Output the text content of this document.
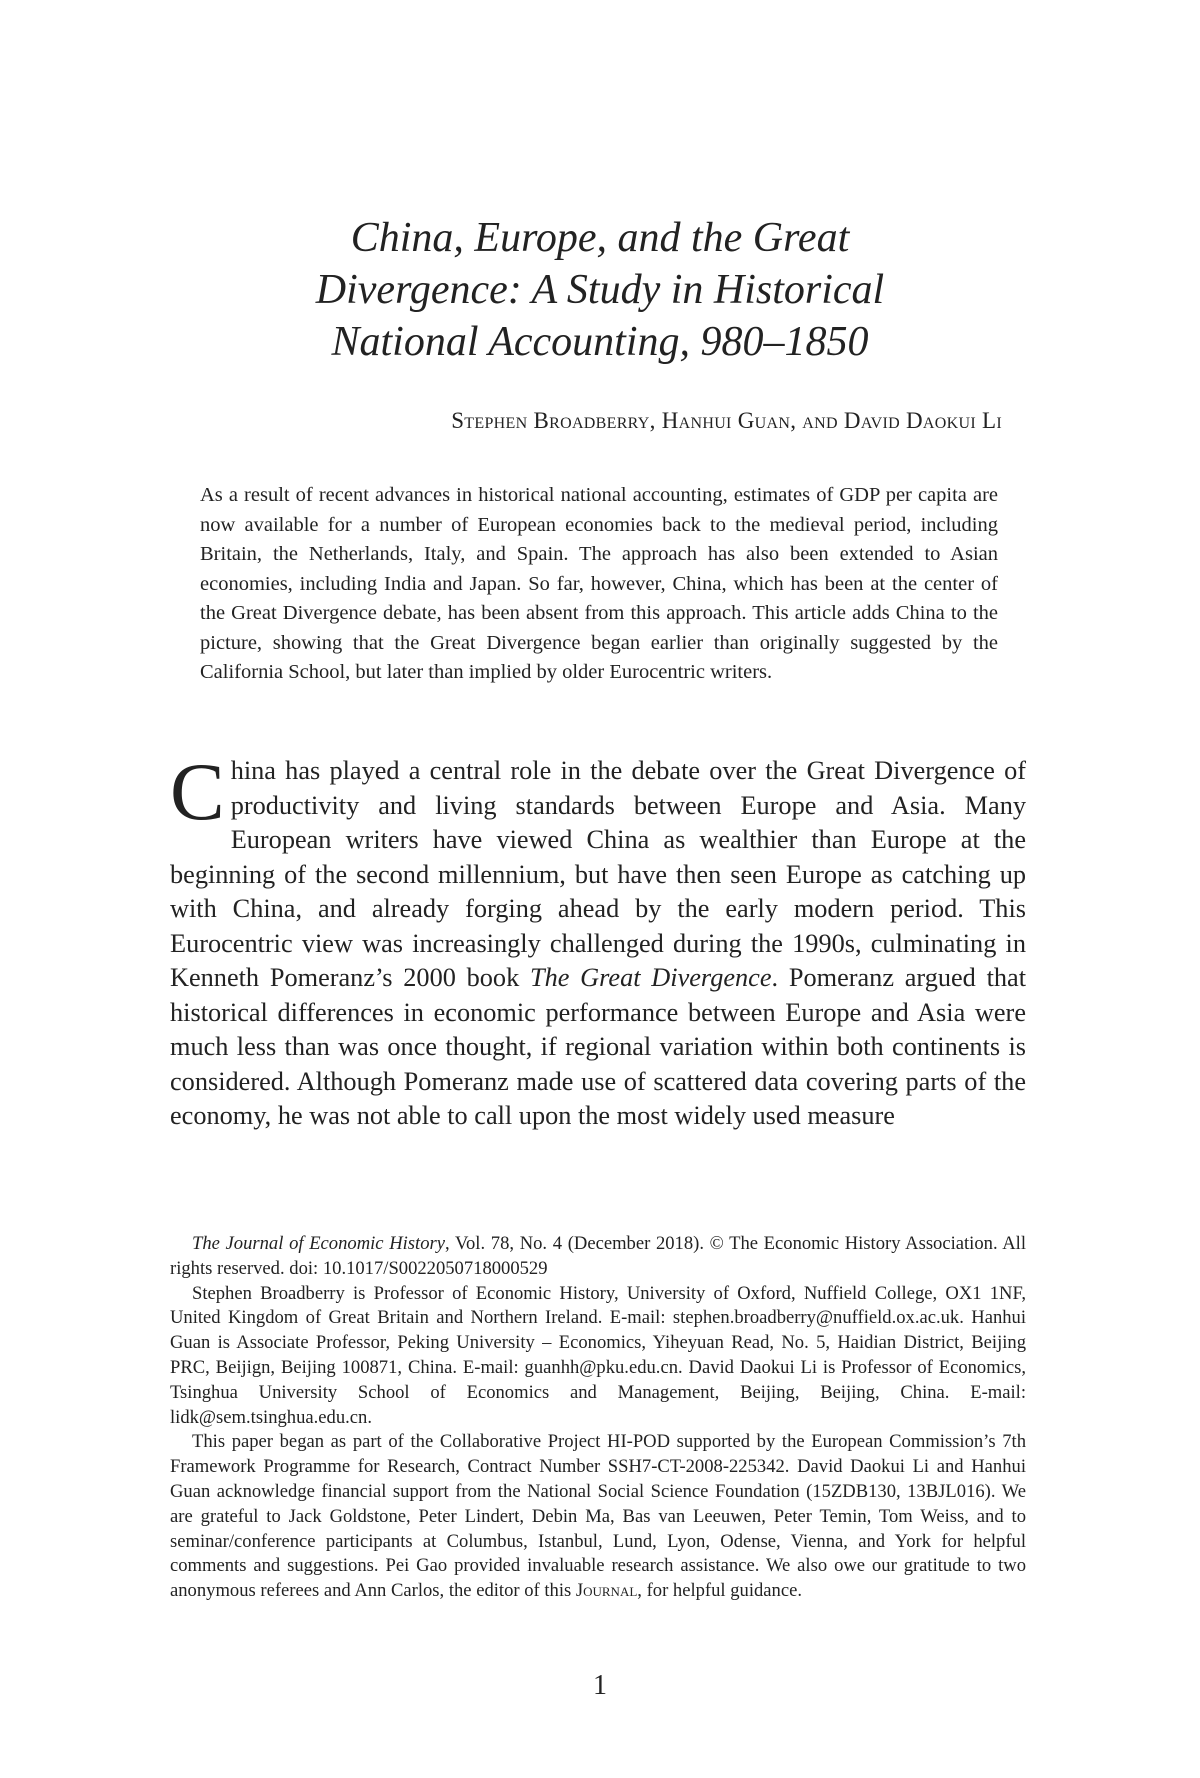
China, Europe, and the Great
Divergence: A Study in Historical
National Accounting, 980–1850
Stephen Broadberry, Hanhui Guan, and David Daokui Li
As a result of recent advances in historical national accounting, estimates of GDP per capita are now available for a number of European economies back to the medieval period, including Britain, the Netherlands, Italy, and Spain. The approach has also been extended to Asian economies, including India and Japan. So far, however, China, which has been at the center of the Great Divergence debate, has been absent from this approach. This article adds China to the picture, showing that the Great Divergence began earlier than originally suggested by the California School, but later than implied by older Eurocentric writers.
China has played a central role in the debate over the Great Divergence of productivity and living standards between Europe and Asia. Many European writers have viewed China as wealthier than Europe at the beginning of the second millennium, but have then seen Europe as catching up with China, and already forging ahead by the early modern period. This Eurocentric view was increasingly challenged during the 1990s, culminating in Kenneth Pomeranz’s 2000 book The Great Divergence. Pomeranz argued that historical differences in economic performance between Europe and Asia were much less than was once thought, if regional variation within both continents is considered. Although Pomeranz made use of scattered data covering parts of the economy, he was not able to call upon the most widely used measure

The Journal of Economic History, Vol. 78, No. 4 (December 2018). © The Economic History Association. All rights reserved. doi: 10.1017/S0022050718000529

Stephen Broadberry is Professor of Economic History, University of Oxford, Nuffield College, OX1 1NF, United Kingdom of Great Britain and Northern Ireland. E-mail: stephen.broadberry@nuffield.ox.ac.uk. Hanhui Guan is Associate Professor, Peking University – Economics, Yiheyuan Read, No. 5, Haidian District, Beijing PRC, Beijign, Beijing 100871, China. E-mail: guanhh@pku.edu.cn. David Daokui Li is Professor of Economics, Tsinghua University School of Economics and Management, Beijing, Beijing, China. E-mail: lidk@sem.tsinghua.edu.cn.

This paper began as part of the Collaborative Project HI-POD supported by the European Commission’s 7th Framework Programme for Research, Contract Number SSH7-CT-2008-225342. David Daokui Li and Hanhui Guan acknowledge financial support from the National Social Science Foundation (15ZDB130, 13BJL016). We are grateful to Jack Goldstone, Peter Lindert, Debin Ma, Bas van Leeuwen, Peter Temin, Tom Weiss, and to seminar/conference participants at Columbus, Istanbul, Lund, Lyon, Odense, Vienna, and York for helpful comments and suggestions. Pei Gao provided invaluable research assistance. We also owe our gratitude to two anonymous referees and Ann Carlos, the editor of this Journal, for helpful guidance.

1
